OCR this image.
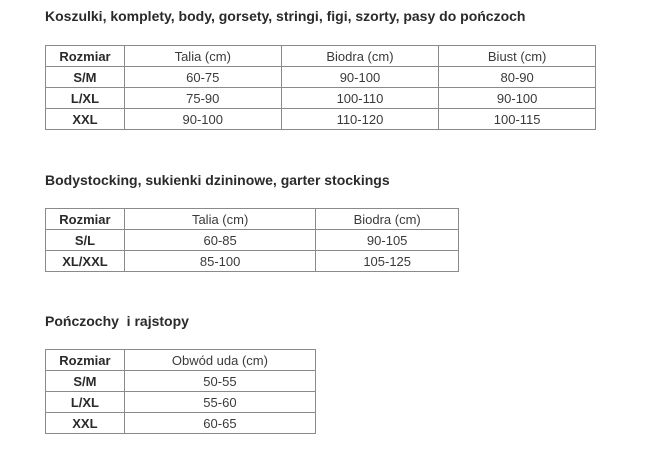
Koszulki, komplety, body, gorsety, stringi, figi, szorty, pasy do pończoch
Rozmiar	Talia (cm)	Biodra (cm)	Biust (cm)
S/M	60-75	90-100	80-90
L/XL	75-90	100-110	90-100
XXL	90-100	110-120	100-115
Bodystocking, sukienki dzininowe, garter stockings
Rozmiar	Talia (cm)	Biodra (cm)
S/L	60-85	90-105
XL/XXL	85-100	105-125
Pończochy  i rajstopy
Rozmiar	Obwód uda (cm)
S/M	50-55
L/XL	55-60
XXL	60-65
